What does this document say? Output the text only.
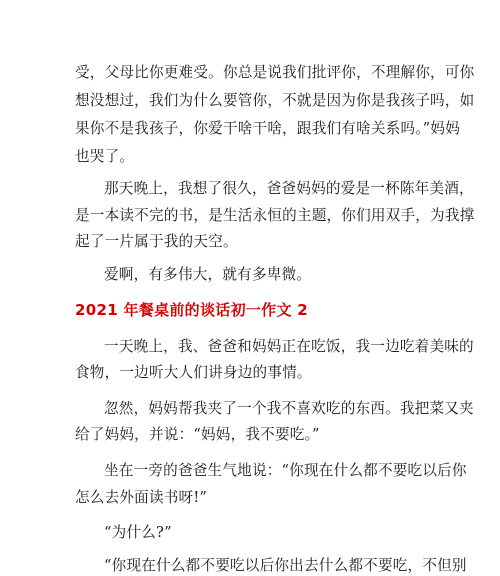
受，父母比你更难受。你总是说我们批评你，不理解你，可你

想没想过，我们为什么要管你，不就是因为你是我孩子吗，如

果你不是我孩子，你爱干啥干啥，跟我们有啥关系吗。”妈妈

也哭了。

那天晚上，我想了很久，爸爸妈妈的爱是一杯陈年美酒，

是一本读不完的书，是生活永恒的主题，你们用双手，为我撑

起了一片属于我的天空。

爱啊，有多伟大，就有多卑微。

2021 年餐桌前的谈话初一作文 2

一天晚上，我、爸爸和妈妈正在吃饭，我一边吃着美味的

食物，一边听大人们讲身边的事情。

忽然，妈妈帮我夹了一个我不喜欢吃的东西。我把菜又夹

给了妈妈，并说：“妈妈，我不要吃。”

坐在一旁的爸爸生气地说：“你现在什么都不要吃以后你

怎么去外面读书呀!”

“为什么?”

“你现在什么都不要吃以后你出去什么都不要吃，不但别
